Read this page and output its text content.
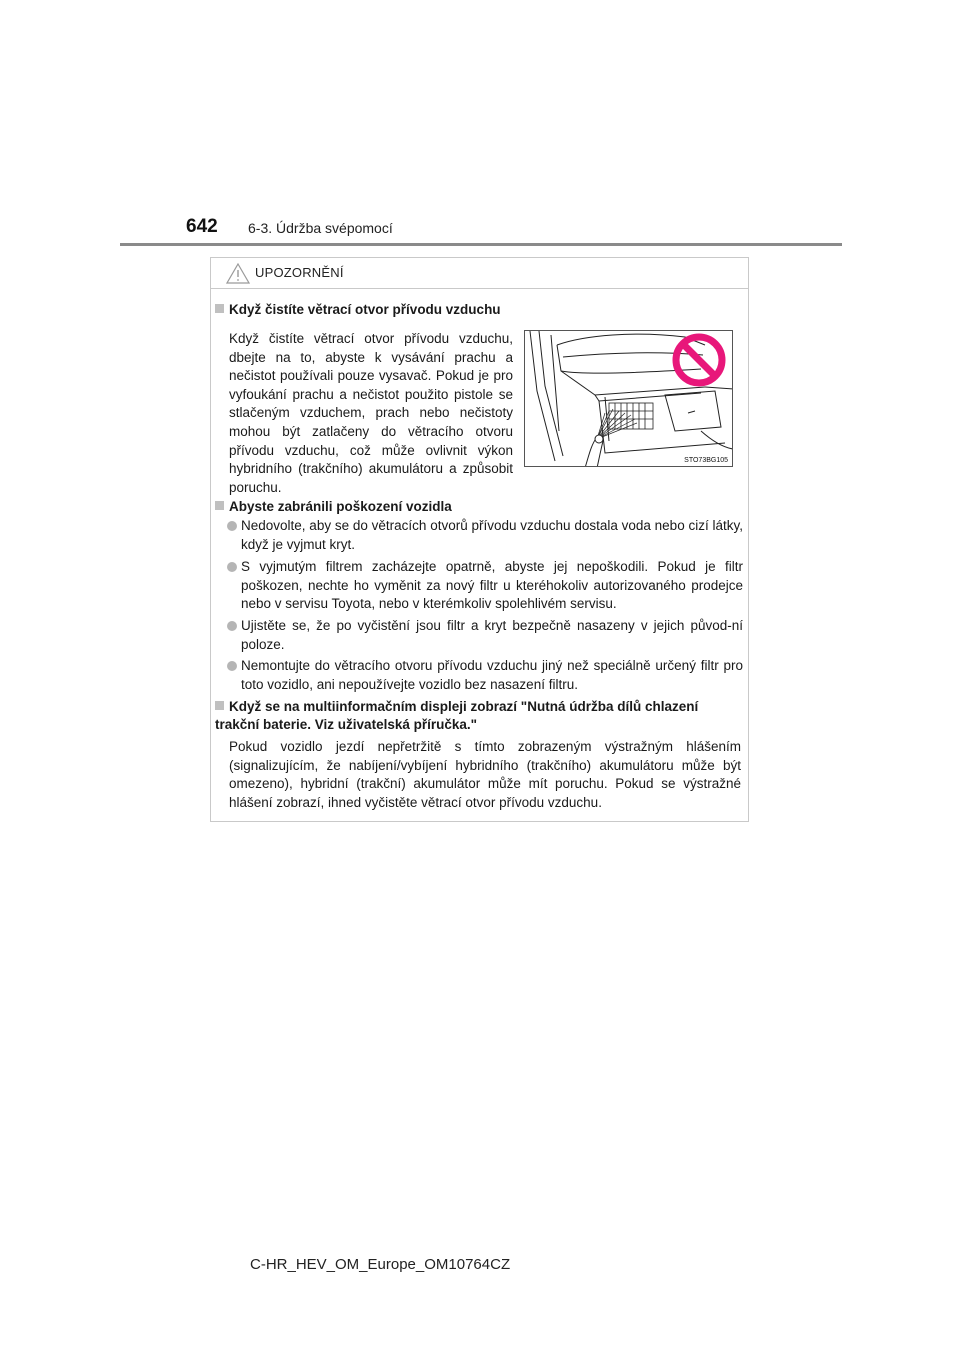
642 6-3. Údržba svépomocí
UPOZORNĚNÍ
Když čistíte větrací otvor přívodu vzduchu
Když čistíte větrací otvor přívodu vzduchu, dbejte na to, abyste k vysávání prachu a nečistot používali pouze vysavač. Pokud je pro vyfoukání prachu a nečistot použito pistole se stlačeným vzduchem, prach nebo nečistoty mohou být zatlačeny do větracího otvoru přívodu vzduchu, což může ovlivnit výkon hybridního (trakčního) akumulátoru a způsobit poruchu.
STO73BG105
Abyste zabránili poškození vozidla
Nedovolte, aby se do větracích otvorů přívodu vzduchu dostala voda nebo cizí látky, když je vyjmut kryt.
S vyjmutým filtrem zacházejte opatrně, abyste jej nepoškodili. Pokud je filtr poškozen, nechte ho vyměnit za nový filtr u kteréhokoliv autorizovaného prodejce nebo v servisu Toyota, nebo v kterémkoliv spolehlivém servisu.
Ujistěte se, že po vyčistění jsou filtr a kryt bezpečně nasazeny v jejich původ-ní poloze.
Nemontujte do větracího otvoru přívodu vzduchu jiný než speciálně určený filtr pro toto vozidlo, ani nepoužívejte vozidlo bez nasazení filtru.
Když se na multiinformačním displeji zobrazí "Nutná údržba dílů chlazení trakční baterie. Viz uživatelská příručka."
Pokud vozidlo jezdí nepřetržitě s tímto zobrazeným výstražným hlášením (signalizujícím, že nabíjení/vybíjení hybridního (trakčního) akumulátoru může být omezeno), hybridní (trakční) akumulátor může mít poruchu. Pokud se výstražné hlášení zobrazí, ihned vyčistěte větrací otvor přívodu vzduchu.
C-HR_HEV_OM_Europe_OM10764CZ
